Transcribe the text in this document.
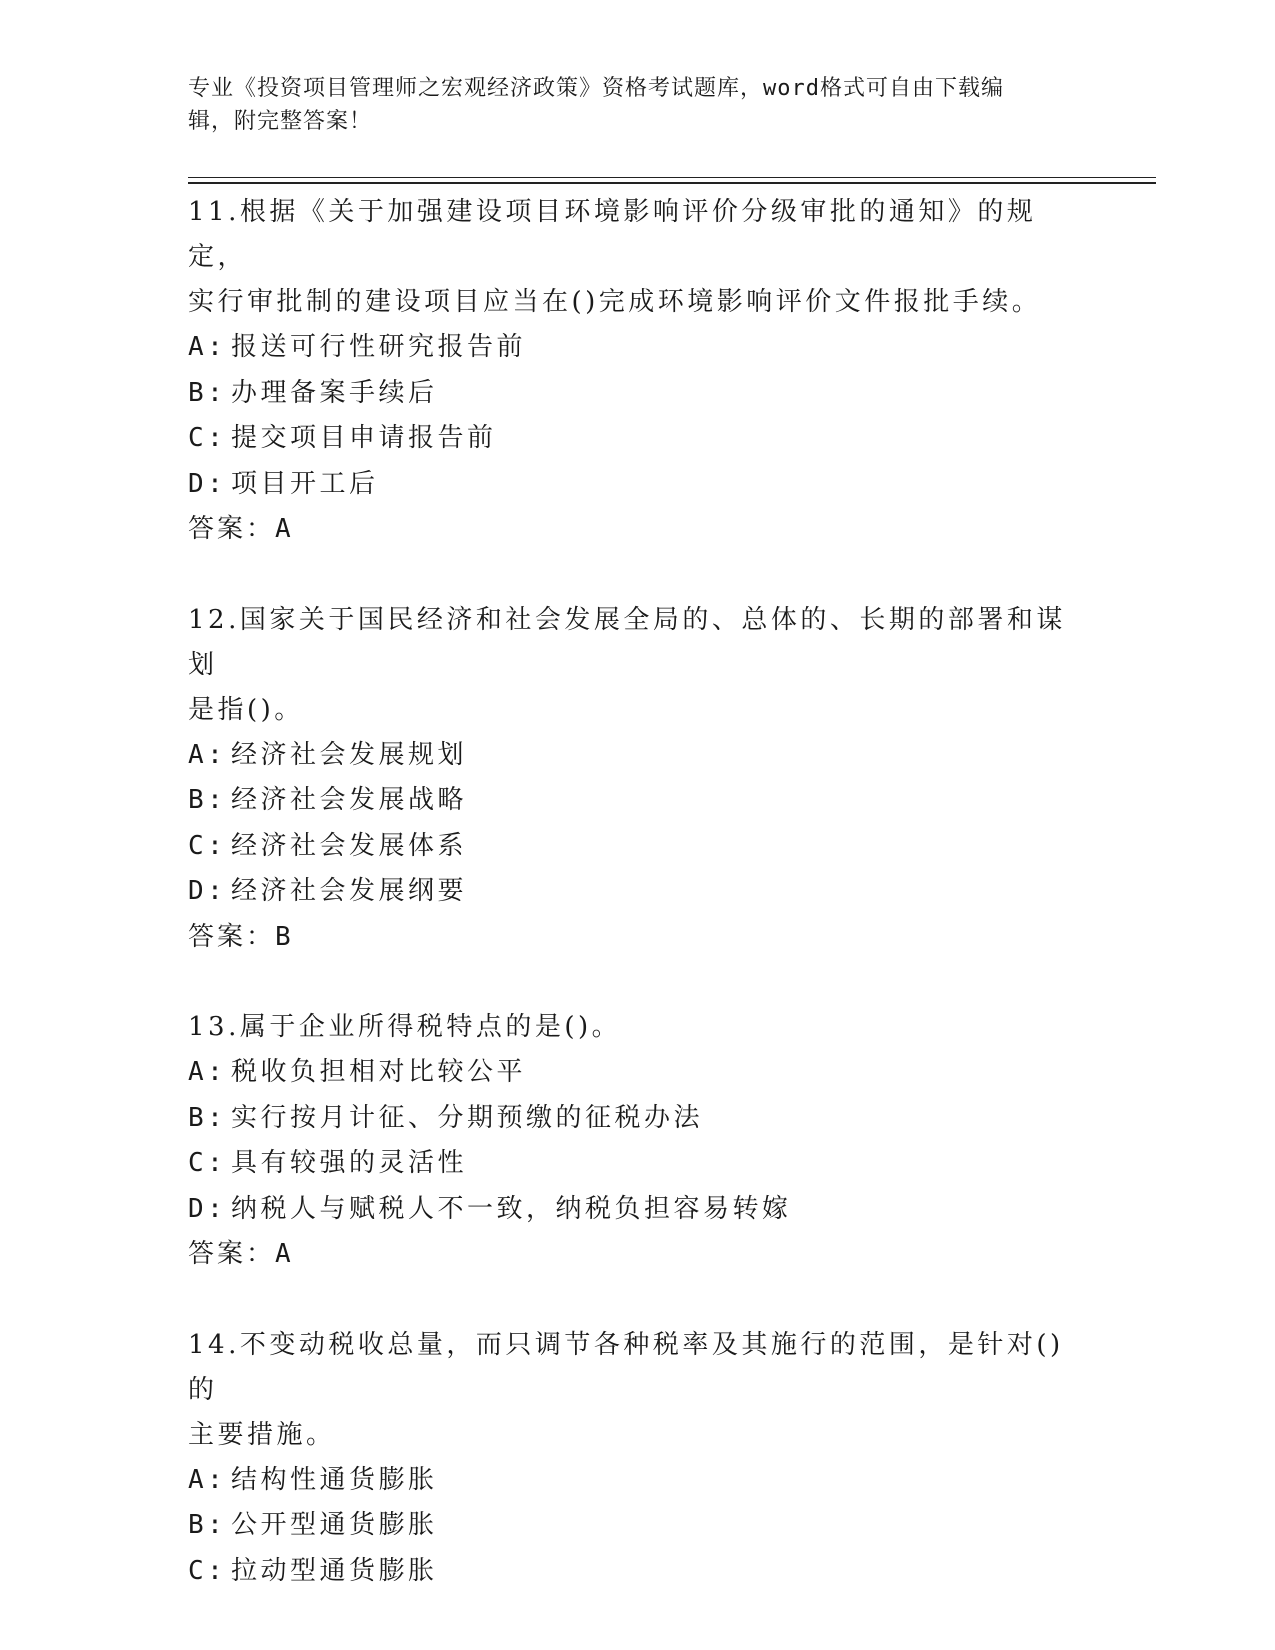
专业《投资项目管理师之宏观经济政策》资格考试题库，word格式可自由下载编
辑，附完整答案！
11.根据《关于加强建设项目环境影响评价分级审批的通知》的规定，
实行审批制的建设项目应当在()完成环境影响评价文件报批手续。
A: 报送可行性研究报告前
B: 办理备案手续后
C: 提交项目申请报告前
D: 项目开工后
答案：A
12.国家关于国民经济和社会发展全局的、总体的、长期的部署和谋划
是指()。
A: 经济社会发展规划
B: 经济社会发展战略
C: 经济社会发展体系
D: 经济社会发展纲要
答案：B
13.属于企业所得税特点的是()。
A: 税收负担相对比较公平
B: 实行按月计征、分期预缴的征税办法
C: 具有较强的灵活性
D: 纳税人与赋税人不一致，纳税负担容易转嫁
答案：A
14.不变动税收总量，而只调节各种税率及其施行的范围，是针对()的
主要措施。
A: 结构性通货膨胀
B: 公开型通货膨胀
C: 拉动型通货膨胀
